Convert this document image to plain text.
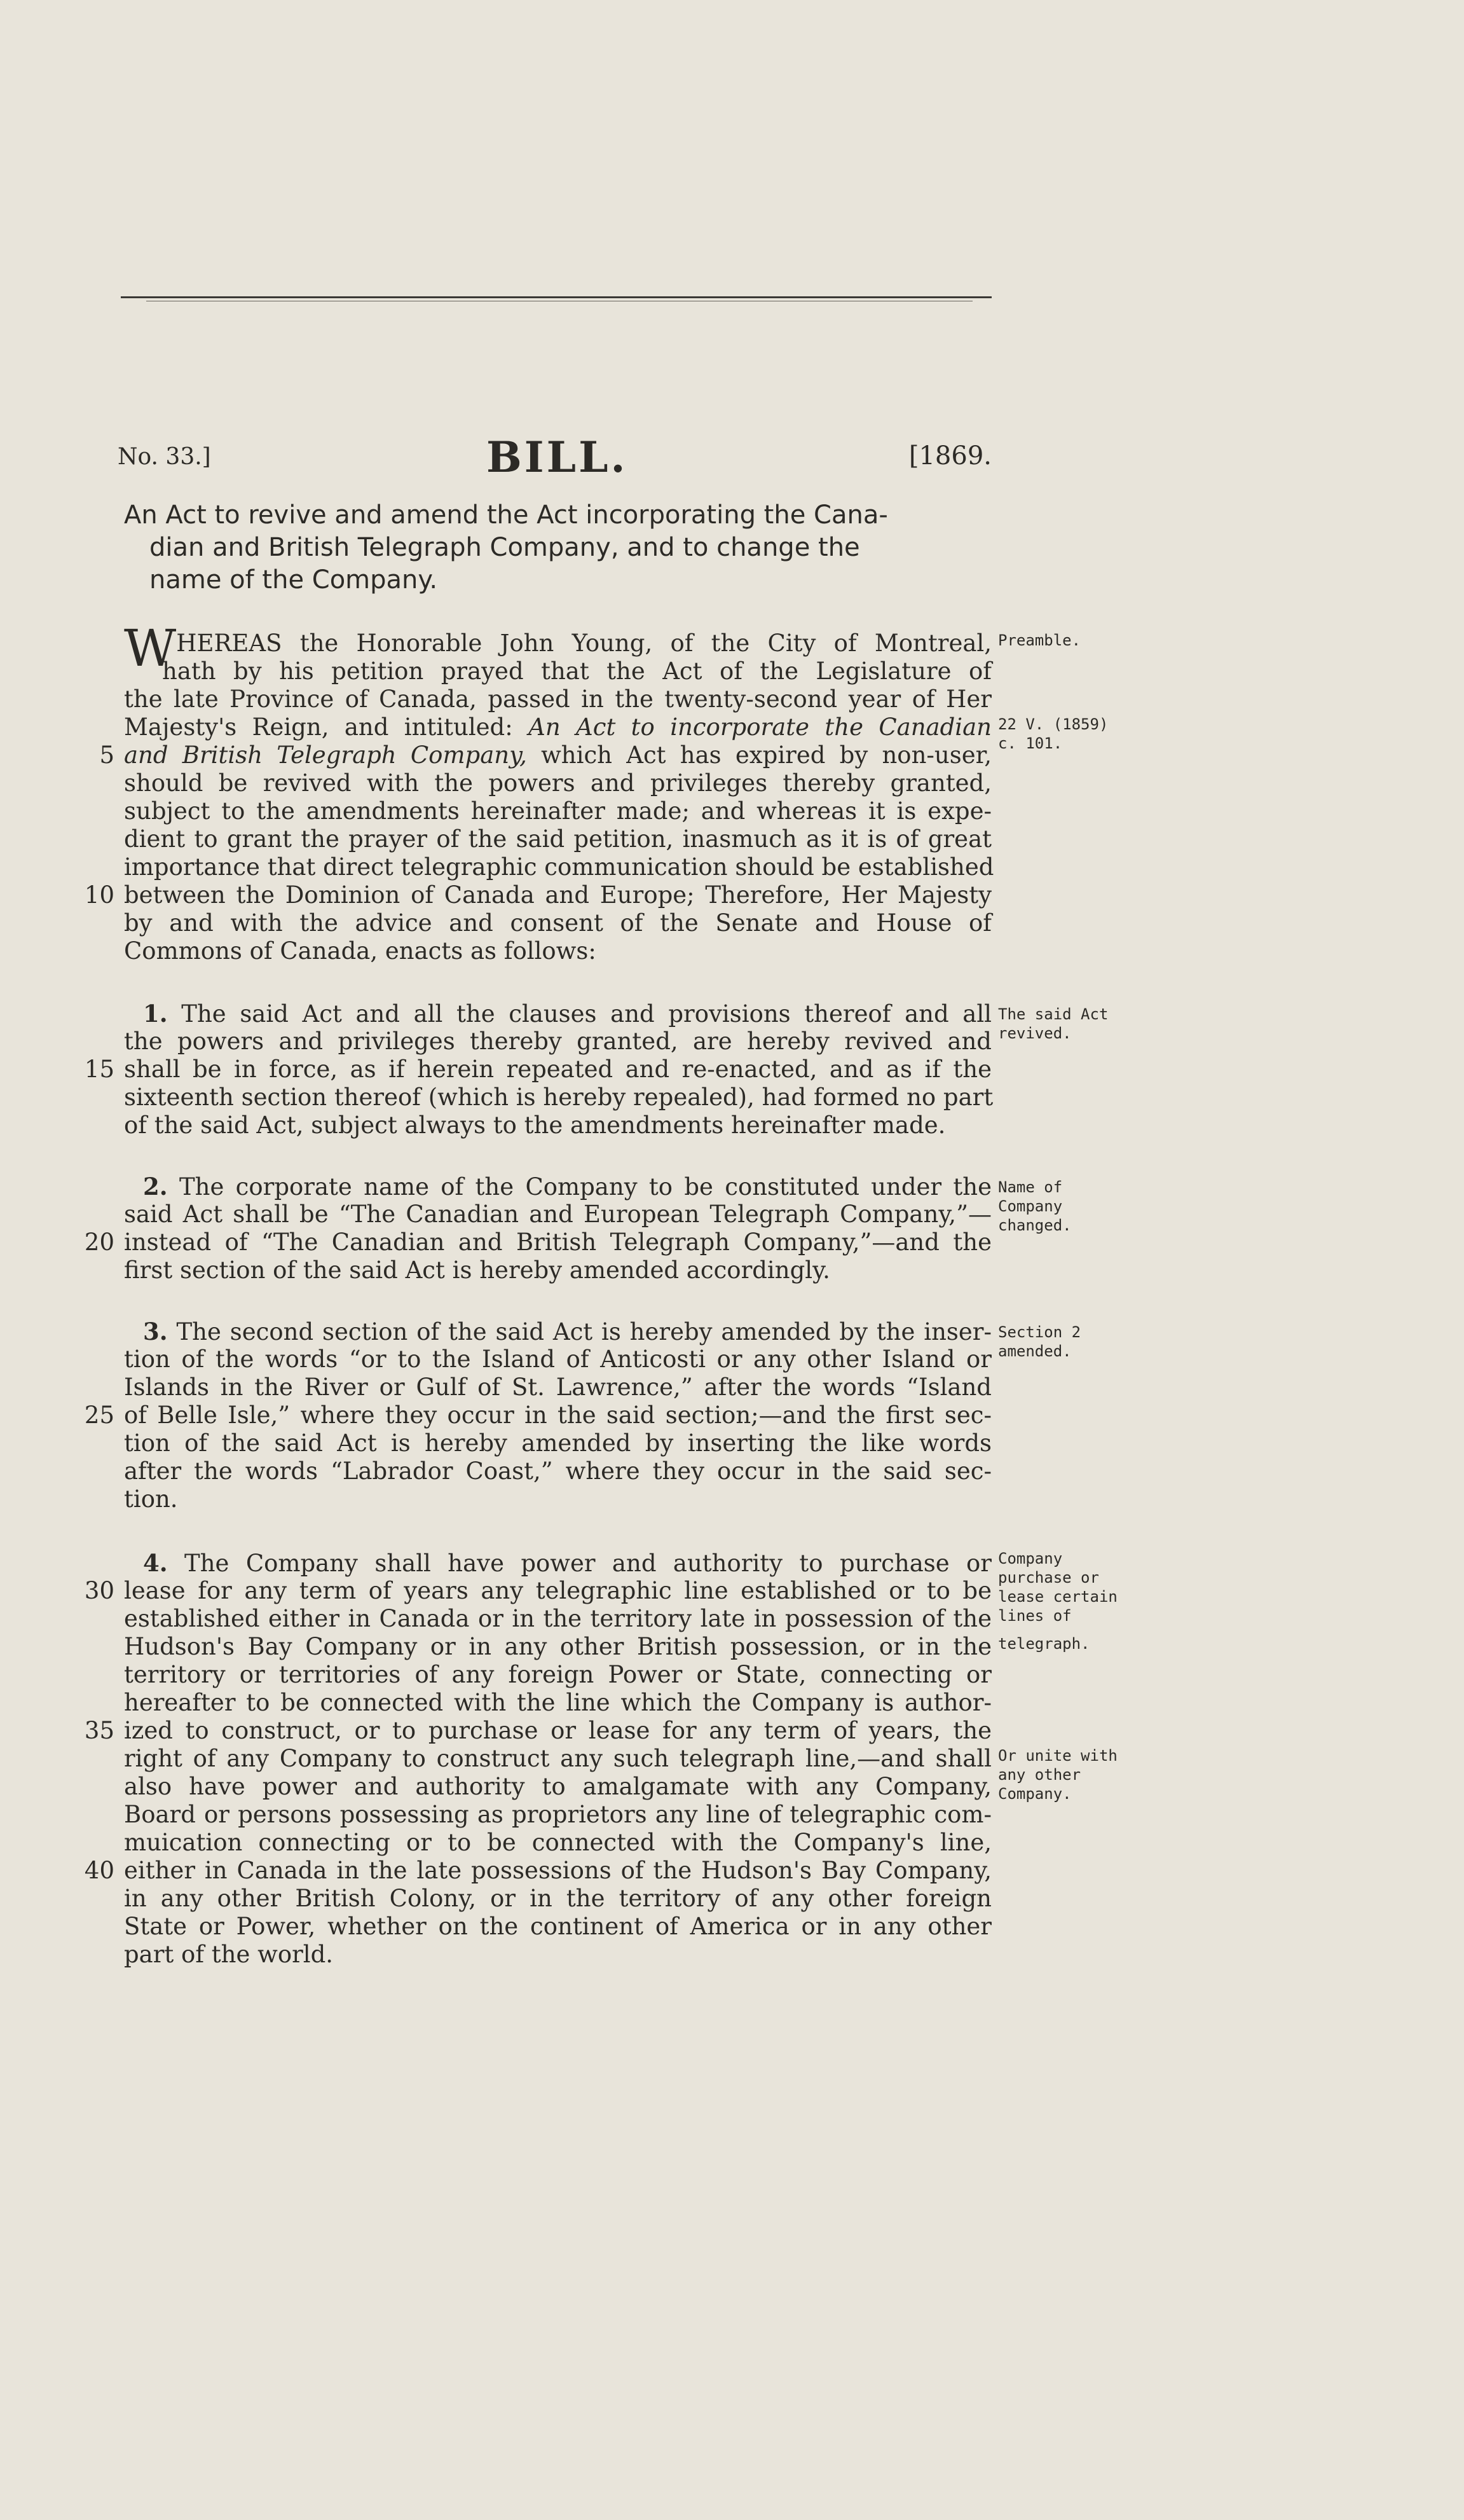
No. 33.]	BILL.	[1869.

An Act to revive and amend the Act incorporating the Cana-

dian and British Telegraph Company, and to change the

name of the Company.

WHEREAS the Honorable John Young, of the City of Montreal,
hath by his petition prayed that the Act of the Legislature of
the late Province of Canada, passed in the twenty-second year of Her
Majesty's Reign, and intituled: An Act to incorporate the Canadian
and British Telegraph Company, which Act has expired by non-user,
should be revived with the powers and privileges thereby granted,
subject to the amendments hereinafter made; and whereas it is expe-
dient to grant the prayer of the said petition, inasmuch as it is of great
importance that direct telegraphic communication should be established
between the Dominion of Canada and Europe; Therefore, Her Majesty
by and with the advice and consent of the Senate and House of
Commons of Canada, enacts as follows:
1. The said Act and all the clauses and provisions thereof and all
the powers and privileges thereby granted, are hereby revived and
shall be in force, as if herein repeated and re-enacted, and as if the
sixteenth section thereof (which is hereby repealed), had formed no part
of the said Act, subject always to the amendments hereinafter made.
2. The corporate name of the Company to be constituted under the
said Act shall be “The Canadian and European Telegraph Company,”—
instead of “The Canadian and British Telegraph Company,”—and the
first section of the said Act is hereby amended accordingly.
3. The second section of the said Act is hereby amended by the inser-
tion of the words “or to the Island of Anticosti or any other Island or
Islands in the River or Gulf of St. Lawrence,” after the words “Island
of Belle Isle,” where they occur in the said section;—and the first sec-
tion of the said Act is hereby amended by inserting the like words
after the words “Labrador Coast,” where they occur in the said sec-
tion.
4. The Company shall have power and authority to purchase or
lease for any term of years any telegraphic line established or to be
established either in Canada or in the territory late in possession of the
Hudson's Bay Company or in any other British possession, or in the
territory or territories of any foreign Power or State, connecting or
hereafter to be connected with the line which the Company is author-
ized to construct, or to purchase or lease for any term of years, the
right of any Company to construct any such telegraph line,—and shall
also have power and authority to amalgamate with any Company,
Board or persons possessing as proprietors any line of telegraphic com-
muication connecting or to be connected with the Company's line,
either in Canada in the late possessions of the Hudson's Bay Company,
in any other British Colony, or in the territory of any other foreign
State or Power, whether on the continent of America or in any other
part of the world.
5
10
15
20
25
30
35
40
Preamble.
22 V. (1859)
c. 101.
The said Act
revived.
Name of
Company
changed.
Section 2
amended.
Company
purchase or
lease certain
lines of
telegraph.
Or unite with
any other
Company.
